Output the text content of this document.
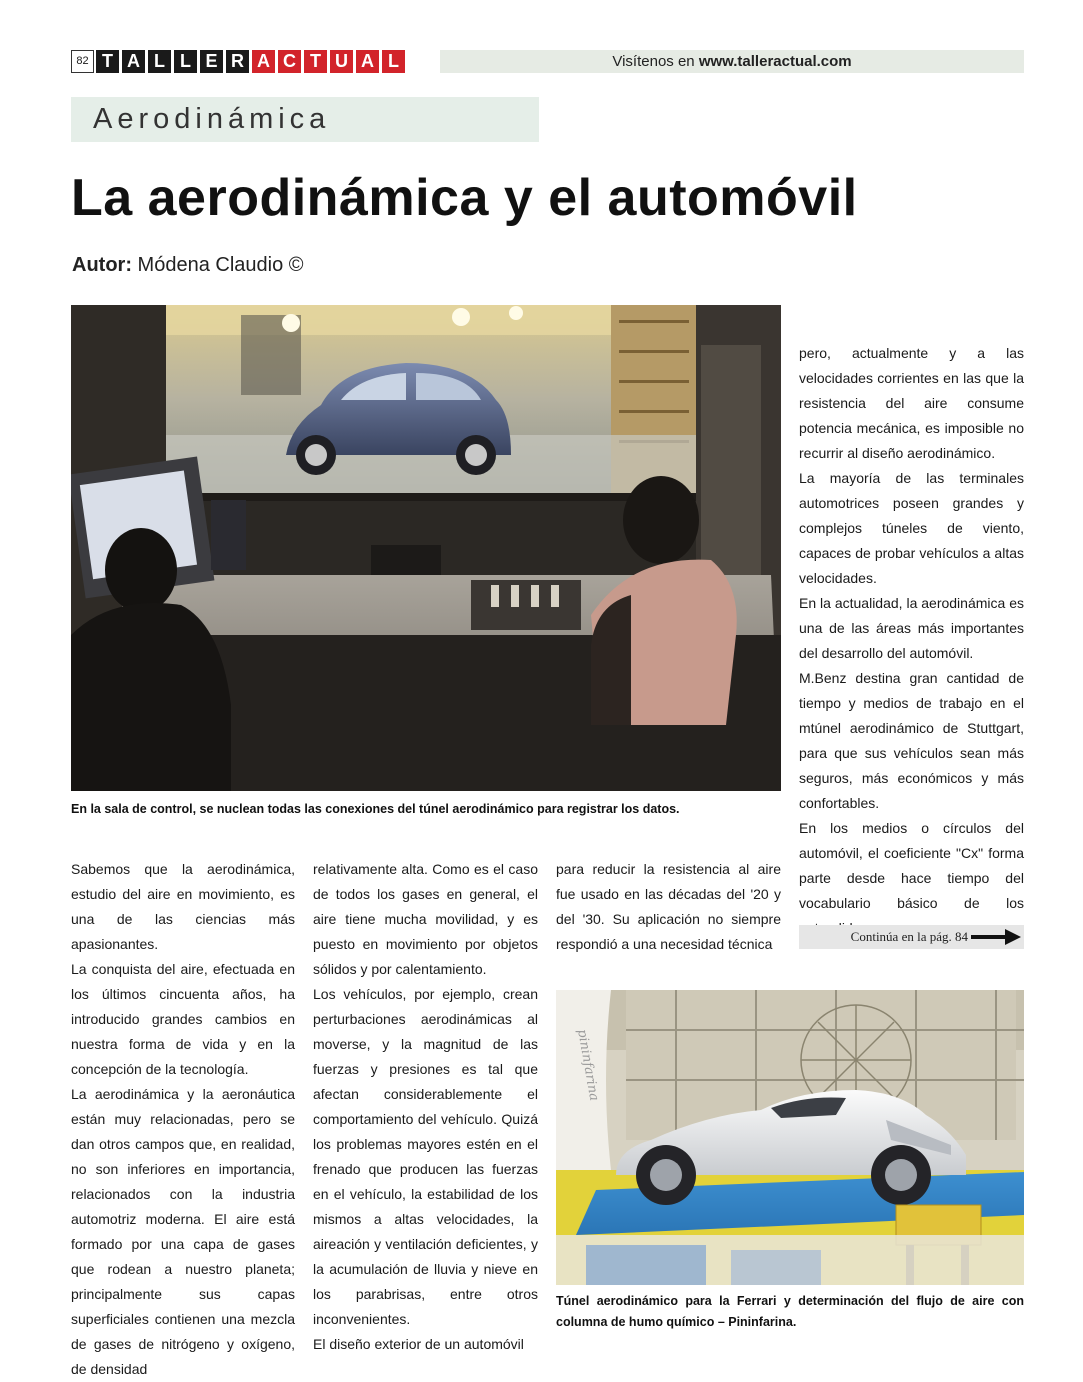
82 T A L L E R A C T U A L	Visítenos en www.talleractual.com
Aerodinámica
La aerodinámica y el automóvil
Autor: Módena Claudio ©
En la sala de control, se nuclean todas las conexiones del túnel aerodinámico para registrar los datos.

pero, actualmente y a las velocidades corrientes en las que la resistencia del aire consume potencia mecánica, es imposible no recurrir al diseño aerodinámico.

La mayoría de las terminales automotrices poseen grandes y complejos túneles de viento, capaces de probar vehículos a altas velocidades.

En la actualidad, la aerodinámica es una de las áreas más importantes del desarrollo del automóvil.

M.Benz destina gran cantidad de tiempo y medios de trabajo en el mtúnel aerodinámico de Stuttgart, para que sus vehículos sean más seguros, más económicos y más confortables.

En los medios o círculos del automóvil, el coeficiente "Cx" forma parte desde hace tiempo del vocabulario básico de los

Continúa en la pág. 84

Sabemos que la aerodinámica, estudio del aire en movimiento, es una de las ciencias más apasionantes.

La conquista del aire, efectuada en los últimos cincuenta años, ha introducido grandes cambios en nuestra forma de vida y en la concepción de la tecnología.

La aerodinámica y la aeronáutica están muy relacionadas, pero se dan otros campos que, en realidad, no son inferiores en importancia, relacionados con la industria automotriz moderna. El aire está formado por una capa de gases que rodean a nuestro planeta; principalmente sus capas superficiales contienen una mezcla de gases de nitrógeno y oxígeno, de densidad

relativamente alta. Como es el caso de todos los gases en general, el aire tiene mucha movilidad, y es puesto en movimiento por objetos sólidos y por calentamiento.

Los vehículos, por ejemplo, crean perturbaciones aerodinámicas al moverse, y la magnitud de las fuerzas y presiones es tal que afectan considerablemente el comportamiento del vehículo. Quizá los problemas mayores estén en el frenado que producen las fuerzas en el vehículo, la estabilidad de los mismos a altas velocidades, la aireación y ventilación deficientes, y la acumulación de lluvia y nieve en los parabrisas, entre otros inconvenientes.

El diseño exterior de un automóvil

para reducir la resistencia al aire fue usado en las décadas del '20 y del '30. Su aplicación no siempre respondió a una necesidad técnica

pininfarina
Túnel aerodinámico para la Ferrari y determinación del flujo de aire con columna de humo químico – Pininfarina.
